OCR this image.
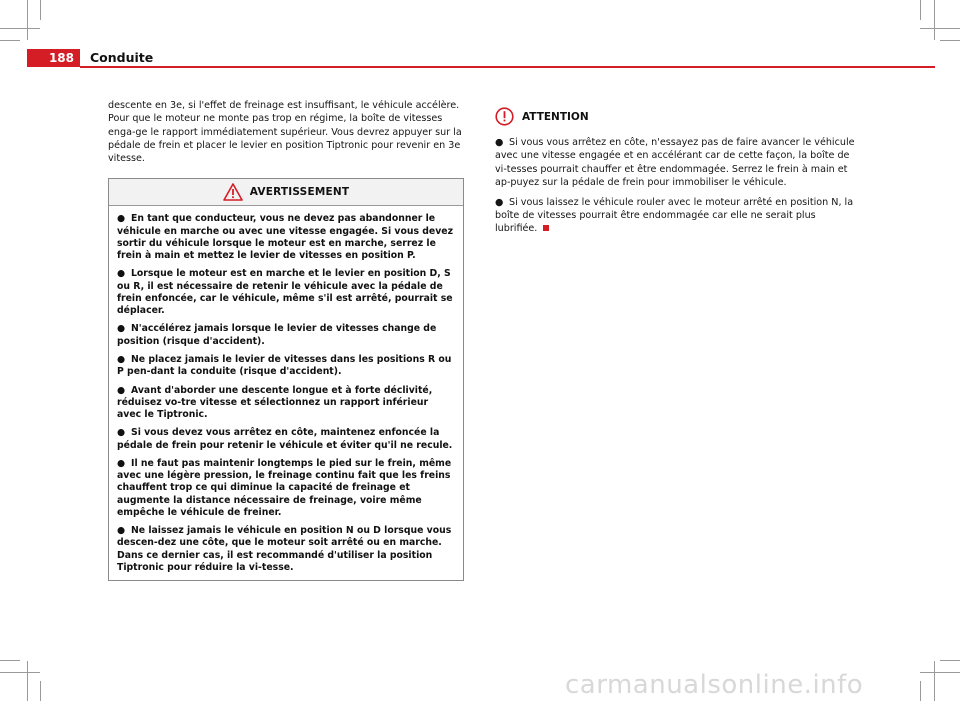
188	Conduite

descente en 3e, si l'effet de freinage est insuffisant, le véhicule accélère. Pour que le moteur ne monte pas trop en régime, la boîte de vitesses enga-ge le rapport immédiatement supérieur. Vous devrez appuyer sur la pédale de frein et placer le levier en position Tiptronic pour revenir en 3e vitesse.

AVERTISSEMENT

● En tant que conducteur, vous ne devez pas abandonner le véhicule en marche ou avec une vitesse engagée. Si vous devez sortir du véhicule lorsque le moteur est en marche, serrez le frein à main et mettez le levier de vitesses en position P.

● Lorsque le moteur est en marche et le levier en position D, S ou R, il est nécessaire de retenir le véhicule avec la pédale de frein enfoncée, car le véhicule, même s'il est arrêté, pourrait se déplacer.

● N'accélérez jamais lorsque le levier de vitesses change de position (risque d'accident).

● Ne placez jamais le levier de vitesses dans les positions R ou P pen-dant la conduite (risque d'accident).

● Avant d'aborder une descente longue et à forte déclivité, réduisez vo-tre vitesse et sélectionnez un rapport inférieur avec le Tiptronic.

● Si vous devez vous arrêtez en côte, maintenez enfoncée la pédale de frein pour retenir le véhicule et éviter qu'il ne recule.

● Il ne faut pas maintenir longtemps le pied sur le frein, même avec une légère pression, le freinage continu fait que les freins chauffent trop ce qui diminue la capacité de freinage et augmente la distance nécessaire de freinage, voire même empêche le véhicule de freiner.

● Ne laissez jamais le véhicule en position N ou D lorsque vous descen-dez une côte, que le moteur soit arrêté ou en marche. Dans ce dernier cas, il est recommandé d'utiliser la position Tiptronic pour réduire la vi-tesse.

ATTENTION

● Si vous vous arrêtez en côte, n'essayez pas de faire avancer le véhicule avec une vitesse engagée et en accélérant car de cette façon, la boîte de vi-tesses pourrait chauffer et être endommagée. Serrez le frein à main et ap-puyez sur la pédale de frein pour immobiliser le véhicule.

● Si vous laissez le véhicule rouler avec le moteur arrêté en position N, la boîte de vitesses pourrait être endommagée car elle ne serait plus lubrifiée.

carmanualsonline.info
